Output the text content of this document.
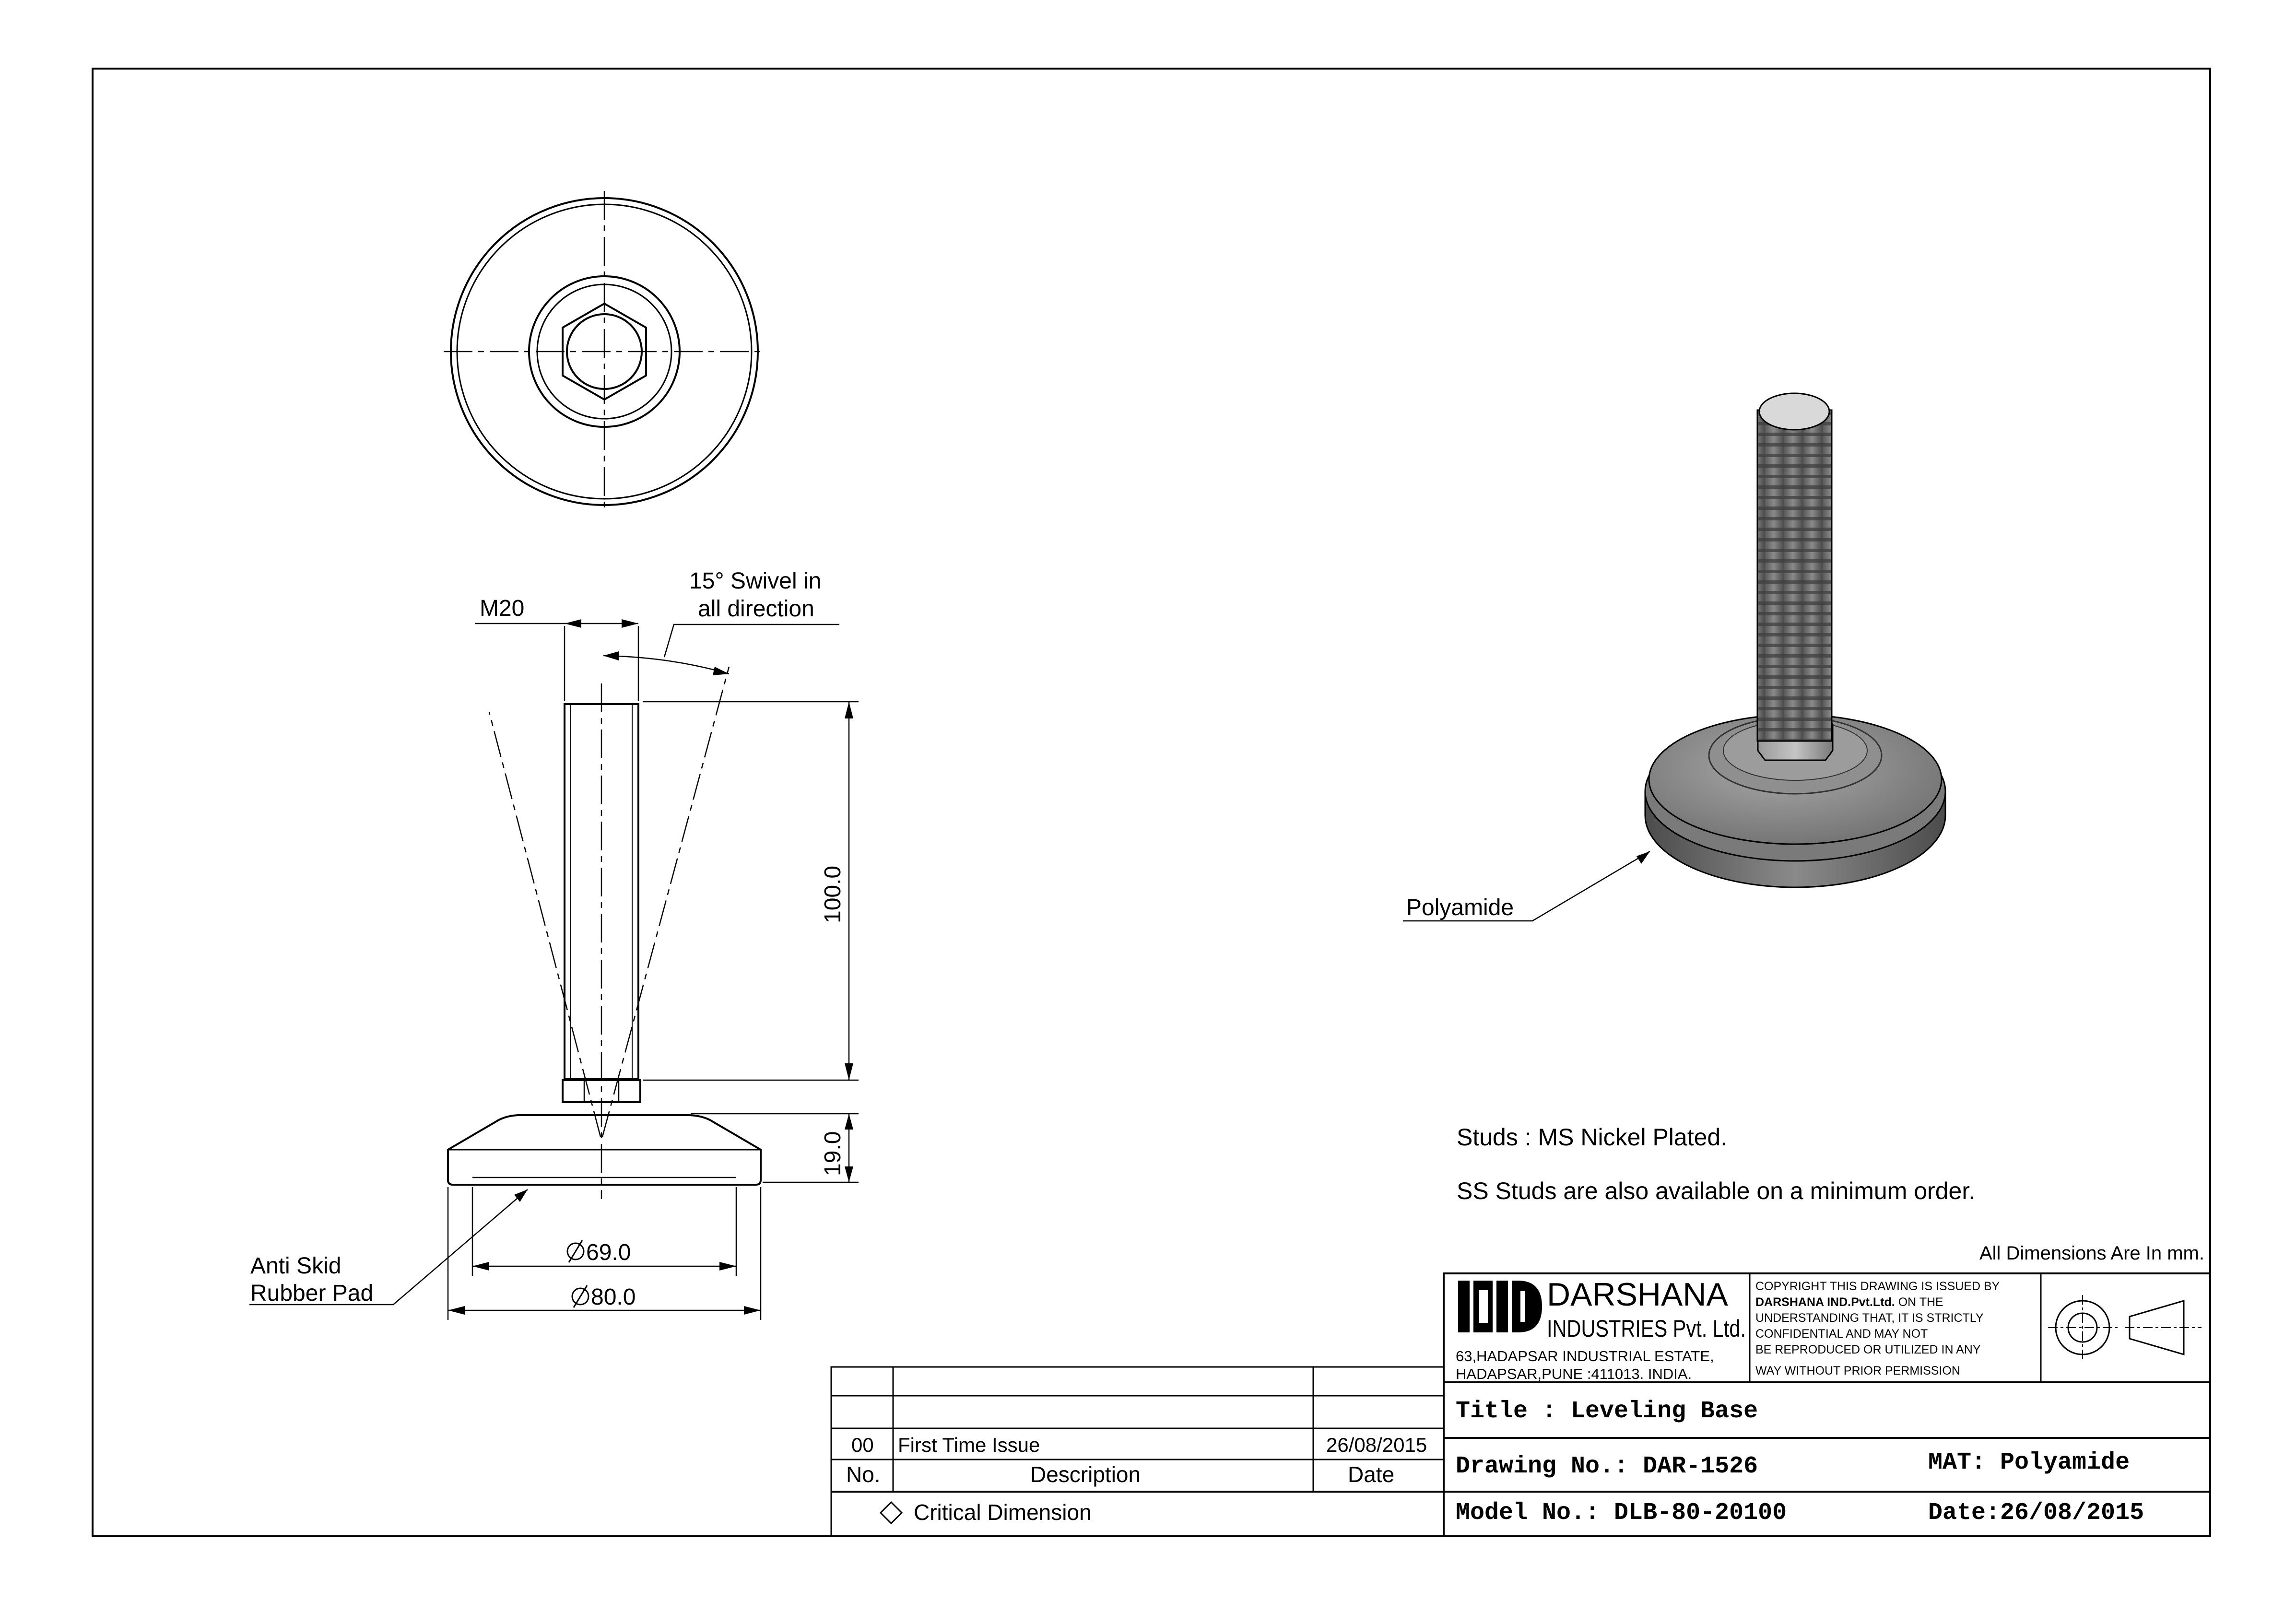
M20
15° Swivel in
all direction
100.0
19.0
69.0
80.0
Anti Skid
Rubber Pad
Polyamide
Studs : MS Nickel Plated.
SS Studs are also available on a minimum order.
All Dimensions Are In mm.
DARSHANA
INDUSTRIES Pvt. Ltd.
63,HADAPSAR INDUSTRIAL ESTATE,
HADAPSAR,PUNE :411013. INDIA.
COPYRIGHT THIS DRAWING IS ISSUED BY
DARSHANA IND.Pvt.Ltd. ON THE
UNDERSTANDING THAT, IT IS STRICTLY
CONFIDENTIAL AND MAY NOT
BE REPRODUCED OR UTILIZED IN ANY
WAY WITHOUT PRIOR PERMISSION
Title : Leveling Base
Drawing No.: DAR-1526	MAT: Polyamide
Model No.: DLB-80-20100	Date:26/08/2015
00 First Time Issue	26/08/2015
No.	Description	Date
Critical Dimension
